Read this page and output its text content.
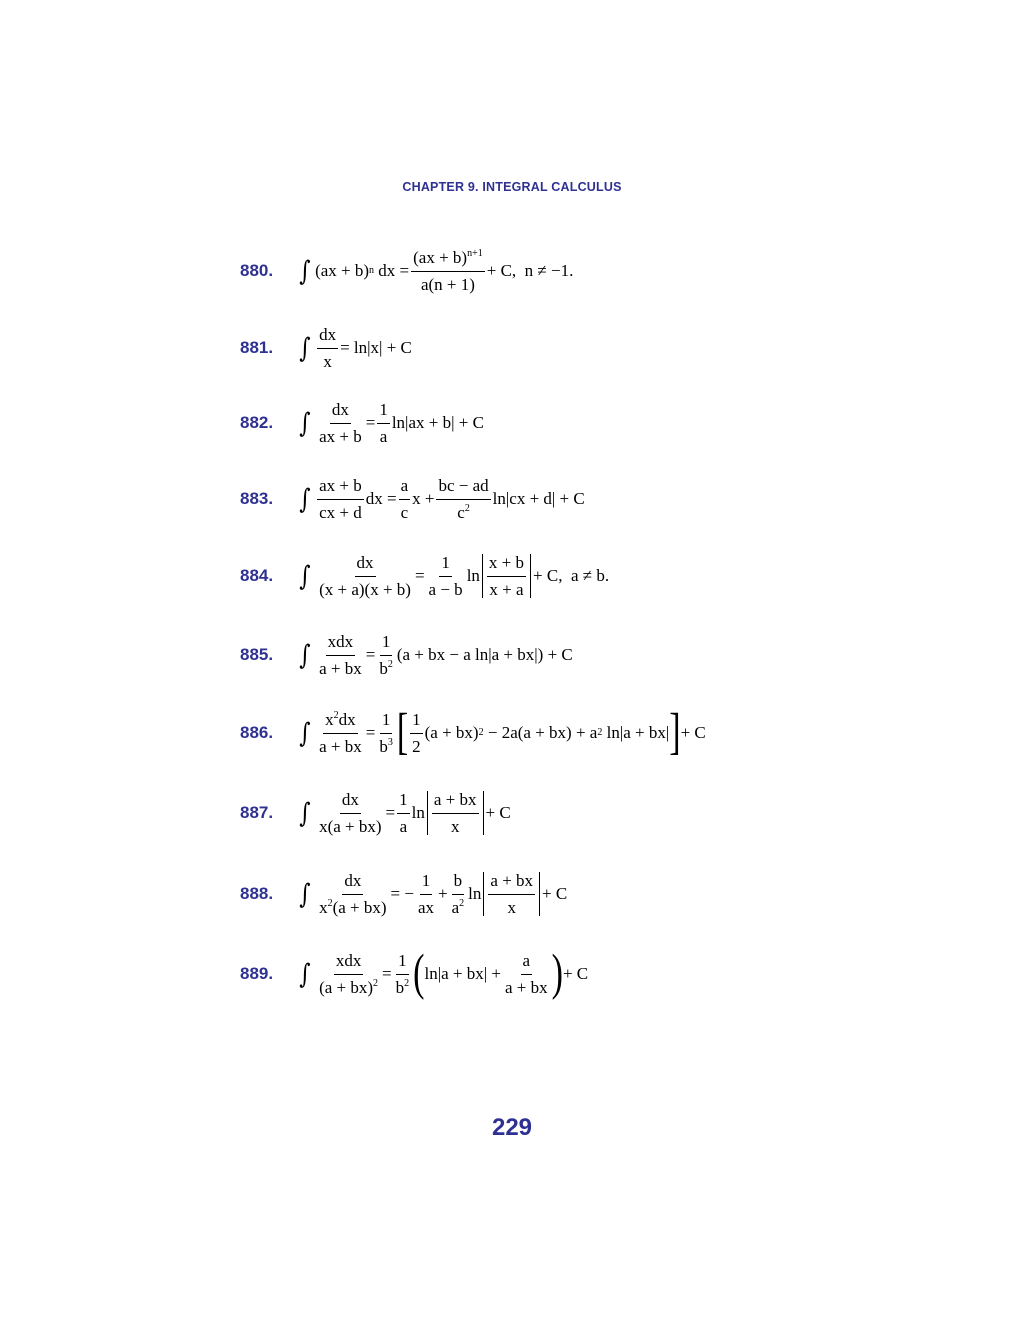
CHAPTER 9. INTEGRAL CALCULUS
880. ∫ (ax + b) n dx = $\frac{(ax + b)^{n+1}}{a(n + 1)} + C$,  n ≠ −1.
881. ∫ $\frac{dx}{x} = \ln|x| + C$
882. ∫ $\frac{dx}{ax + b} = \frac{1}{a} \ln|ax + b| + C$
883. ∫ $\frac{ax + b}{cx + d}$ dx = $\frac{a}{c}$ $x + \frac{bc - ad}{c^2} \ln|cx + d| + C$
884. ∫ $\frac{dx}{(x + a)(x + b)} = \frac{1}{a - b}$ $\ln \frac{x + b}{x + a} + C$,  a ≠ b.
885. ∫ $\frac{\text{xdx}}{a + bx} = \frac{1}{b^2} (a$ + bx − a ln|a + bx|) + C
886. ∫ $\frac{x^2dx}{a + bx} = \frac{1}{b^3}$ [ $\frac{1}{2} (a + bx) 2 - 2a(a + bx) + a$ 2 ln|a + bx| ] + C
887. ∫ $\frac{dx}{x(a + bx)} = \frac{1}{a}$ $\ln \frac{a + bx}{x} + C$
888. ∫ $\frac{dx}{x^2(a + bx)}$ = − $\frac{1}{ax} + \frac{b}{a^2}$ $\ln \frac{a + bx}{x} + C$
889. ∫ $\frac{\text{xdx}}{(a + bx)^2} = \frac{1}{b^2}$ ( $\ln|a + bx| + \frac{a}{a + bx}$ ) + C
229
